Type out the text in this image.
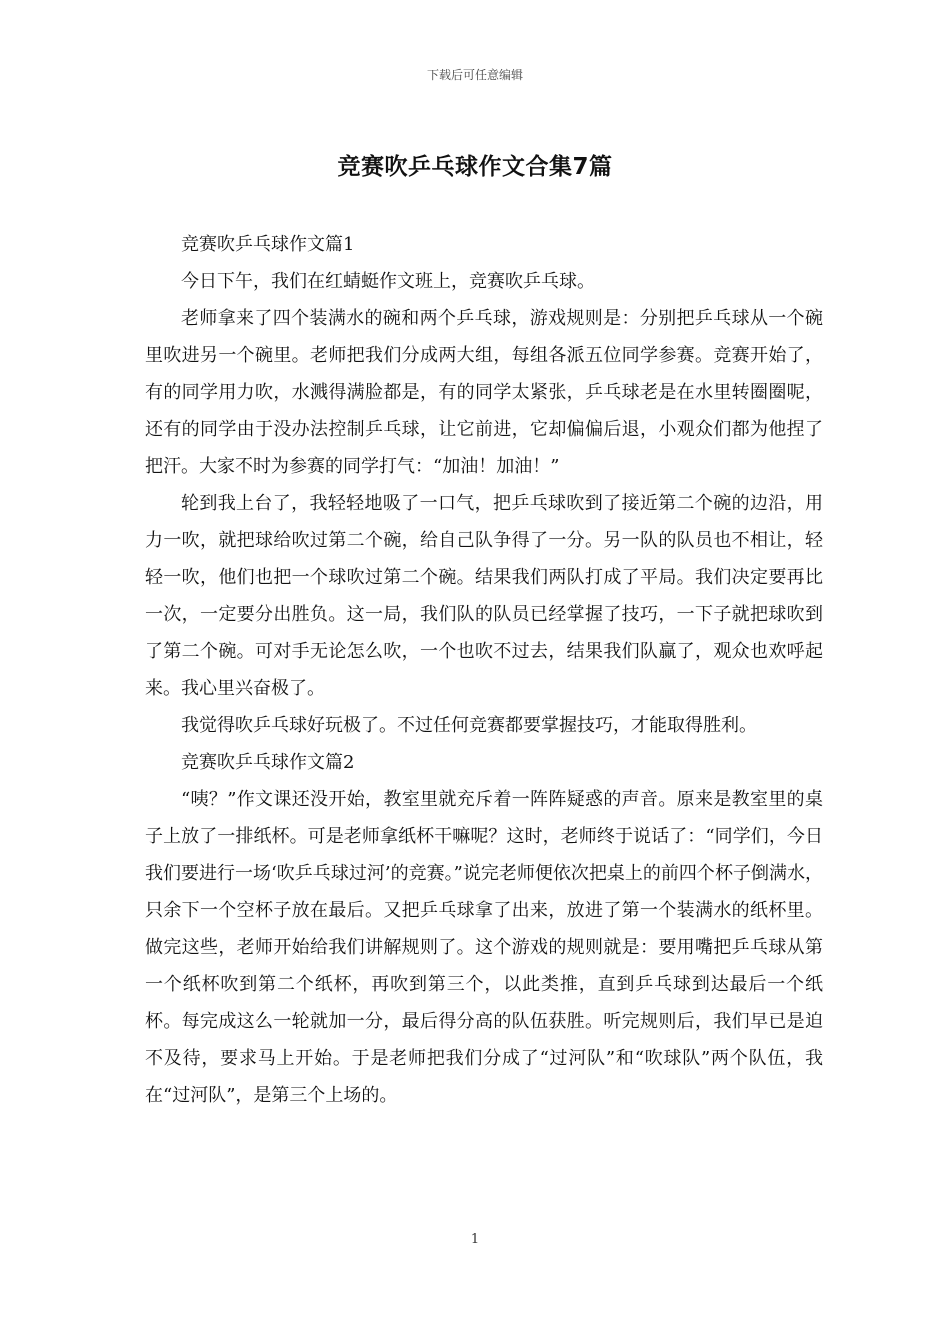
下载后可任意编辑
竞赛吹乒乓球作文合集7篇

竞赛吹乒乓球作文篇1

今日下午，我们在红蜻蜓作文班上，竞赛吹乒乓球。

老师拿来了四个装满水的碗和两个乒乓球，游戏规则是：分别把乒乓球从一个碗里吹进另一个碗里。老师把我们分成两大组，每组各派五位同学参赛。竞赛开始了，有的同学用力吹，水溅得满脸都是，有的同学太紧张，乒乓球老是在水里转圈圈呢，还有的同学由于没办法控制乒乓球，让它前进，它却偏偏后退，小观众们都为他捏了把汗。大家不时为参赛的同学打气：“加油！加油！”

轮到我上台了，我轻轻地吸了一口气，把乒乓球吹到了接近第二个碗的边沿，用力一吹，就把球给吹过第二个碗，给自己队争得了一分。另一队的队员也不相让，轻轻一吹，他们也把一个球吹过第二个碗。结果我们两队打成了平局。我们决定要再比一次，一定要分出胜负。这一局，我们队的队员已经掌握了技巧，一下子就把球吹到了第二个碗。可对手无论怎么吹，一个也吹不过去，结果我们队赢了，观众也欢呼起来。我心里兴奋极了。

我觉得吹乒乓球好玩极了。不过任何竞赛都要掌握技巧，才能取得胜利。

竞赛吹乒乓球作文篇2

“咦？”作文课还没开始，教室里就充斥着一阵阵疑惑的声音。原来是教室里的桌子上放了一排纸杯。可是老师拿纸杯干嘛呢？这时，老师终于说话了：“同学们，今日我们要进行一场‘吹乒乓球过河’的竞赛。”说完老师便依次把桌上的前四个杯子倒满水，只余下一个空杯子放在最后。又把乒乓球拿了出来，放进了第一个装满水的纸杯里。做完这些，老师开始给我们讲解规则了。这个游戏的规则就是：要用嘴把乒乓球从第一个纸杯吹到第二个纸杯，再吹到第三个，以此类推，直到乒乓球到达最后一个纸杯。每完成这么一轮就加一分，最后得分高的队伍获胜。听完规则后，我们早已是迫不及待，要求马上开始。于是老师把我们分成了“过河队”和“吹球队”两个队伍，我在“过河队”，是第三个上场的。

1
